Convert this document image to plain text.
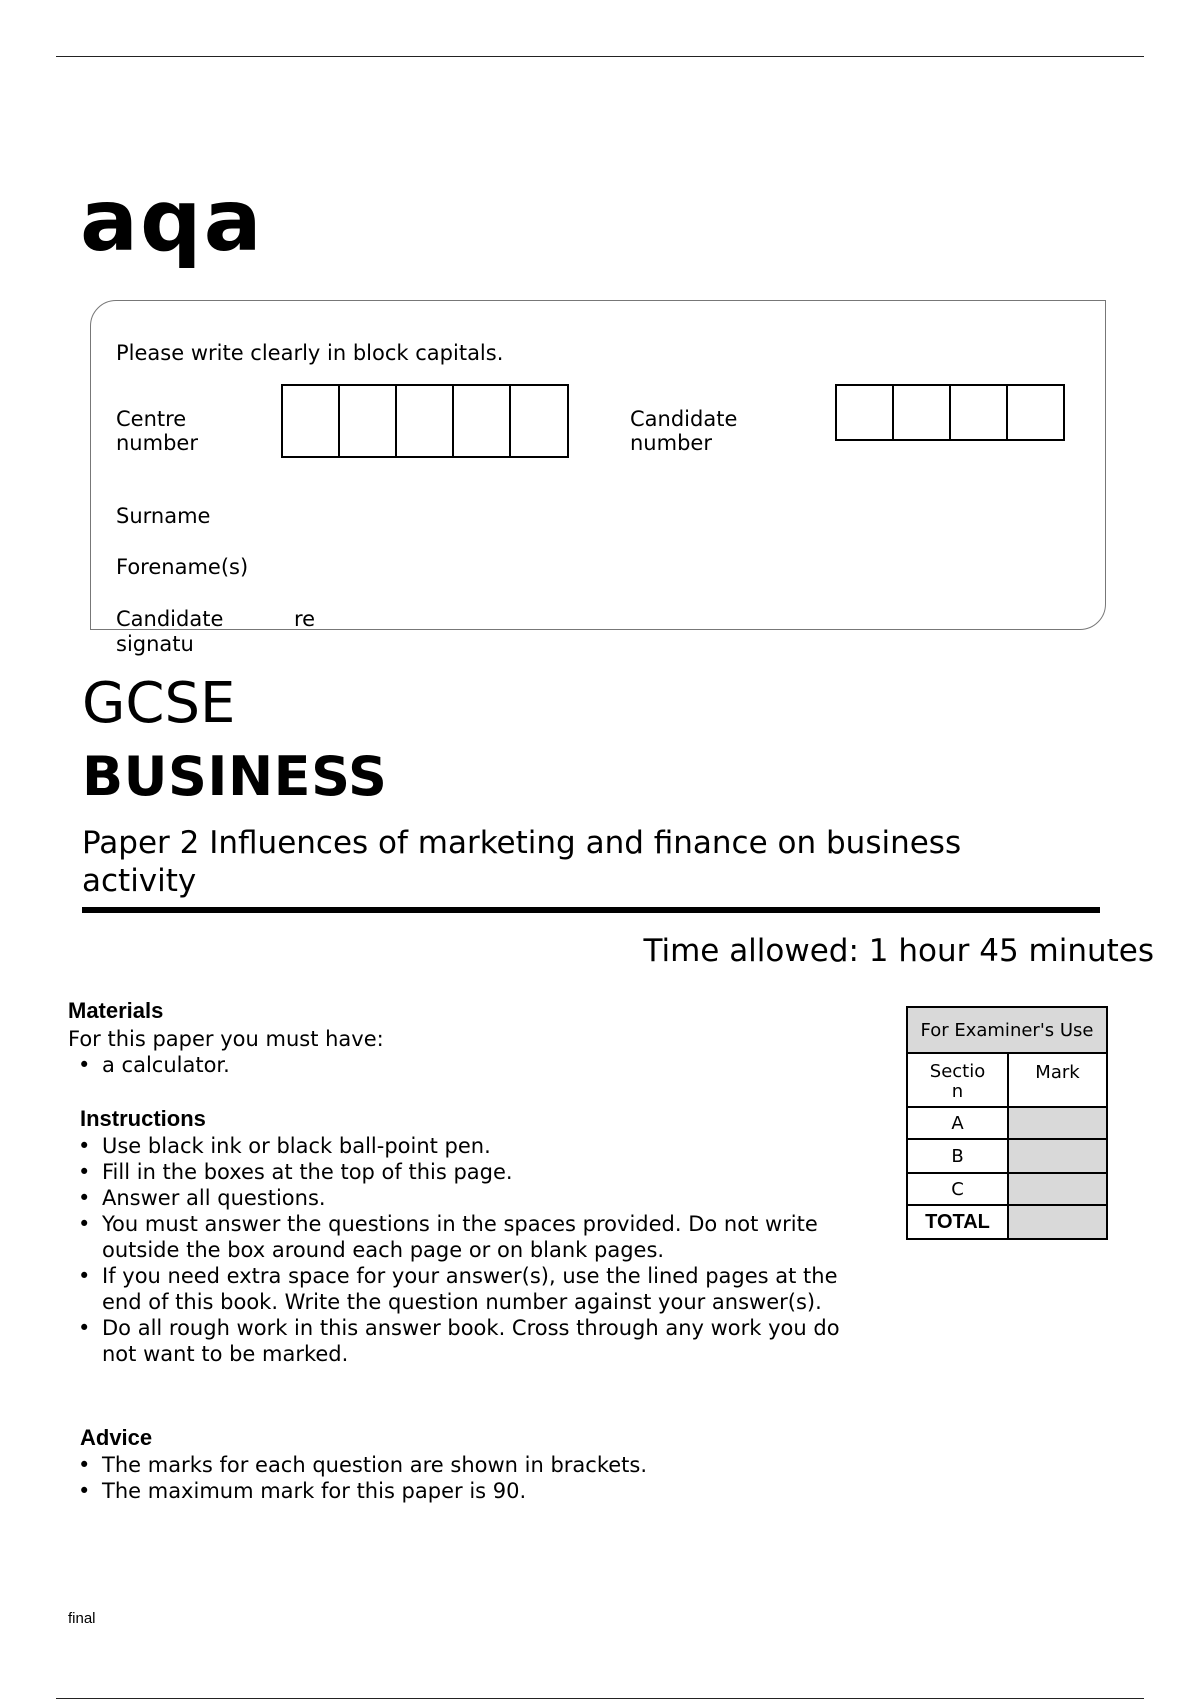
aqa
Please write clearly in block capitals.
Centre number
Candidate number
Surname
Forename(s)
Candidate	re
signatu
GCSE
BUSINESS
Paper 2 Influences of marketing and finance on business activity
Time allowed: 1 hour 45 minutes
Materials
For this paper you must have:
• a calculator.
Instructions
• Use black ink or black ball-point pen.
• Fill in the boxes at the top of this page.
• Answer all questions.
• You must answer the questions in the spaces provided. Do not write outside the box around each page or on blank pages.
• If you need extra space for your answer(s), use the lined pages at the end of this book. Write the question number against your answer(s).
• Do all rough work in this answer book. Cross through any work you do not want to be marked.
Advice
• The marks for each question are shown in brackets.
• The maximum mark for this paper is 90.
For Examiner's Use	

Section	Mark
A	
B	
C	
TOTAL	
final
